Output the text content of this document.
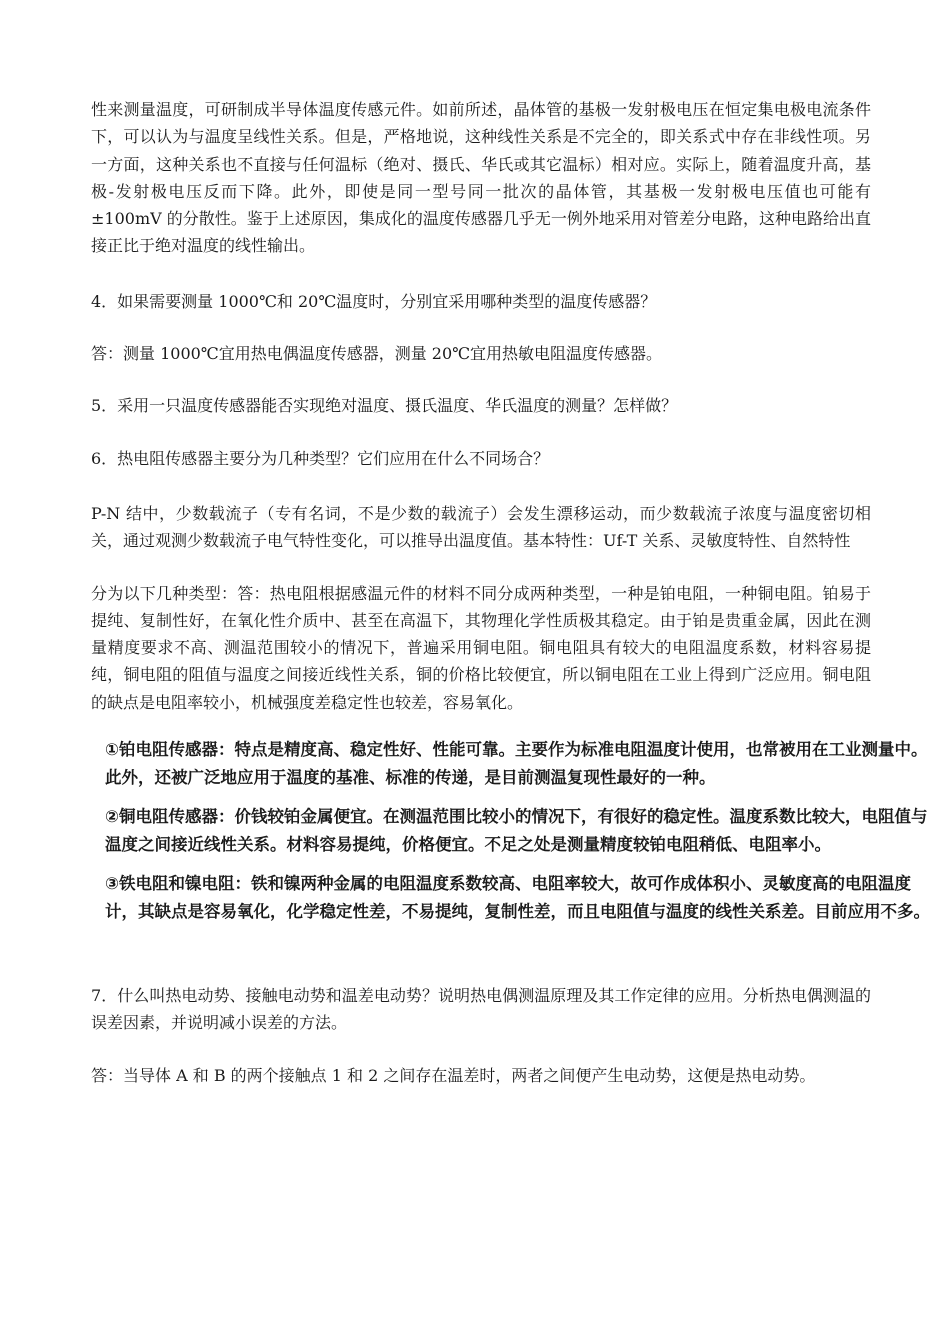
性来测量温度，可研制成半导体温度传感元件。如前所述，晶体管的基极一发射极电压在恒定集电极电流条件下，可以认为与温度呈线性关系。但是，严格地说，这种线性关系是不完全的，即关系式中存在非线性项。另一方面，这种关系也不直接与任何温标（绝对、摄氏、华氏或其它温标）相对应。实际上，随着温度升高，基极-发射极电压反而下降。此外，即使是同一型号同一批次的晶体管，其基极一发射极电压值也可能有±100mV 的分散性。鉴于上述原因，集成化的温度传感器几乎无一例外地采用对管差分电路，这种电路给出直接正比于绝对温度的线性输出。

4．如果需要测量 1000℃和 20℃温度时，分别宜采用哪种类型的温度传感器？

答：测量 1000℃宜用热电偶温度传感器，测量 20℃宜用热敏电阻温度传感器。

5．采用一只温度传感器能否实现绝对温度、摄氏温度、华氏温度的测量？怎样做？

6．热电阻传感器主要分为几种类型？它们应用在什么不同场合？

P-N 结中，少数载流子（专有名词，不是少数的载流子）会发生漂移运动，而少数载流子浓度与温度密切相关，通过观测少数载流子电气特性变化，可以推导出温度值。基本特性：Uf-T 关系、灵敏度特性、自然特性

分为以下几种类型：答：热电阻根据感温元件的材料不同分成两种类型，一种是铂电阻，一种铜电阻。铂易于提纯、复制性好，在氧化性介质中、甚至在高温下，其物理化学性质极其稳定。由于铂是贵重金属，因此在测量精度要求不高、测温范围较小的情况下，普遍采用铜电阻。铜电阻具有较大的电阻温度系数，材料容易提纯，铜电阻的阻值与温度之间接近线性关系，铜的价格比较便宜，所以铜电阻在工业上得到广泛应用。铜电阻的缺点是电阻率较小，机械强度差稳定性也较差，容易氧化。

①铂电阻传感器：特点是精度高、稳定性好、性能可靠。主要作为标准电阻温度计使用，也常被用在工业测量中。此外，还被广泛地应用于温度的基准、标准的传递，是目前测温复现性最好的一种。

②铜电阻传感器：价钱较铂金属便宜。在测温范围比较小的情况下，有很好的稳定性。温度系数比较大，电阻值与温度之间接近线性关系。材料容易提纯，价格便宜。不足之处是测量精度较铂电阻稍低、电阻率小。

③铁电阻和镍电阻：铁和镍两种金属的电阻温度系数较高、电阻率较大，故可作成体积小、灵敏度高的电阻温度计，其缺点是容易氧化，化学稳定性差，不易提纯，复制性差，而且电阻值与温度的线性关系差。目前应用不多。

7．什么叫热电动势、接触电动势和温差电动势？说明热电偶测温原理及其工作定律的应用。分析热电偶测温的误差因素，并说明减小误差的方法。

答：当导体 A 和 B 的两个接触点 1 和 2 之间存在温差时，两者之间便产生电动势，这便是热电动势。
